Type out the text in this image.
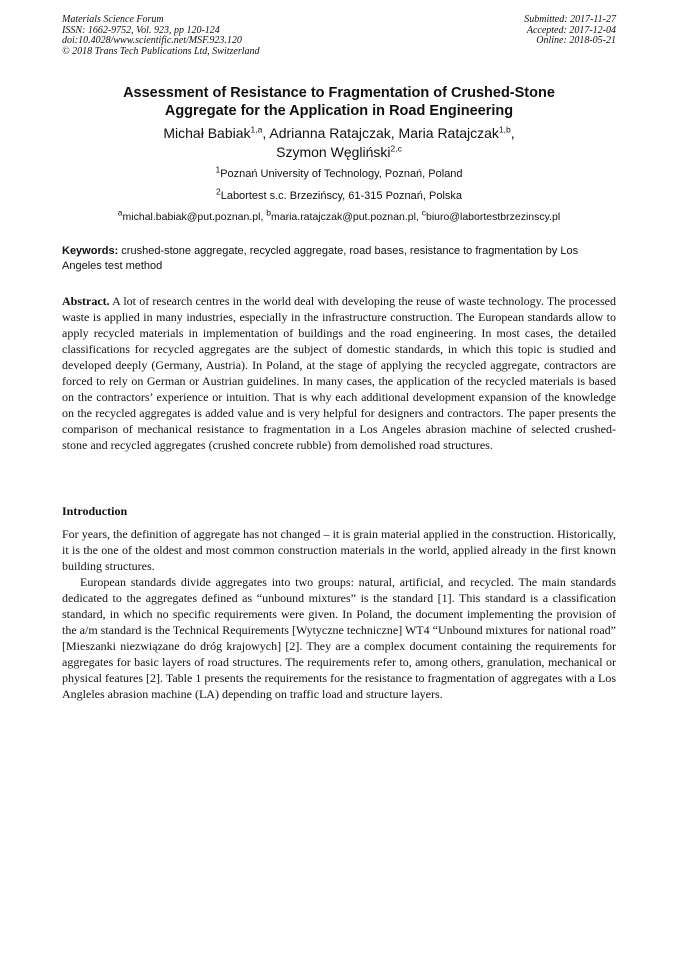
Materials Science Forum
ISSN: 1662-9752, Vol. 923, pp 120-124
doi:10.4028/www.scientific.net/MSF.923.120
© 2018 Trans Tech Publications Ltd, Switzerland
Submitted: 2017-11-27
Accepted: 2017-12-04
Online: 2018-05-21
Assessment of Resistance to Fragmentation of Crushed-Stone
Aggregate for the Application in Road Engineering
Michał Babiak$^{1,a}$, Adrianna Ratajczak, Maria Ratajczak$^{1,b}$,
Szymon Węgliński$^{2,c}$
$^1$Poznań University of Technology, Poznań, Poland
$^2$Labortest s.c. Brzezińscy, 61-315 Poznań, Polska
$^a$michal.babiak@put.poznan.pl, $^b$maria.ratajczak@put.poznan.pl, $^c$biuro@labortestbrzezinscy.pl
Keywords: crushed-stone aggregate, recycled aggregate, road bases, resistance to fragmentation by Los Angeles test method
Abstract. A lot of research centres in the world deal with developing the reuse of waste technology. The processed waste is applied in many industries, especially in the infrastructure construction. The European standards allow to apply recycled materials in implementation of buildings and the road engineering. In most cases, the detailed classifications for recycled aggregates are the subject of domestic standards, in which this topic is studied and developed deeply (Germany, Austria). In Poland, at the stage of applying the recycled aggregate, contractors are forced to rely on German or Austrian guidelines. In many cases, the application of the recycled materials is based on the contractors’ experience or intuition. That is why each additional development expansion of the knowledge on the recycled aggregates is added value and is very helpful for designers and contractors. The paper presents the comparison of mechanical resistance to fragmentation in a Los Angeles abrasion machine of selected crushed-stone and recycled aggregates (crushed concrete rubble) from demolished road structures.
Introduction
For years, the definition of aggregate has not changed – it is grain material applied in the construction. Historically, it is the one of the oldest and most common construction materials in the world, applied already in the first known building structures.
European standards divide aggregates into two groups: natural, artificial, and recycled. The main standards dedicated to the aggregates defined as “unbound mixtures” is the standard [1]. This standard is a classification standard, in which no specific requirements were given. In Poland, the document implementing the provision of the a/m standard is the Technical Requirements [Wytyczne techniczne] WT4 “Unbound mixtures for national road” [Mieszanki niezwiązane do dróg krajowych] [2]. They are a complex document containing the requirements for aggregates for basic layers of road structures. The requirements refer to, among others, granulation, mechanical or physical features [2]. Table 1 presents the requirements for the resistance to fragmentation of aggregates with a Los Angleles abrasion machine (LA) depending on traffic load and structure layers.
